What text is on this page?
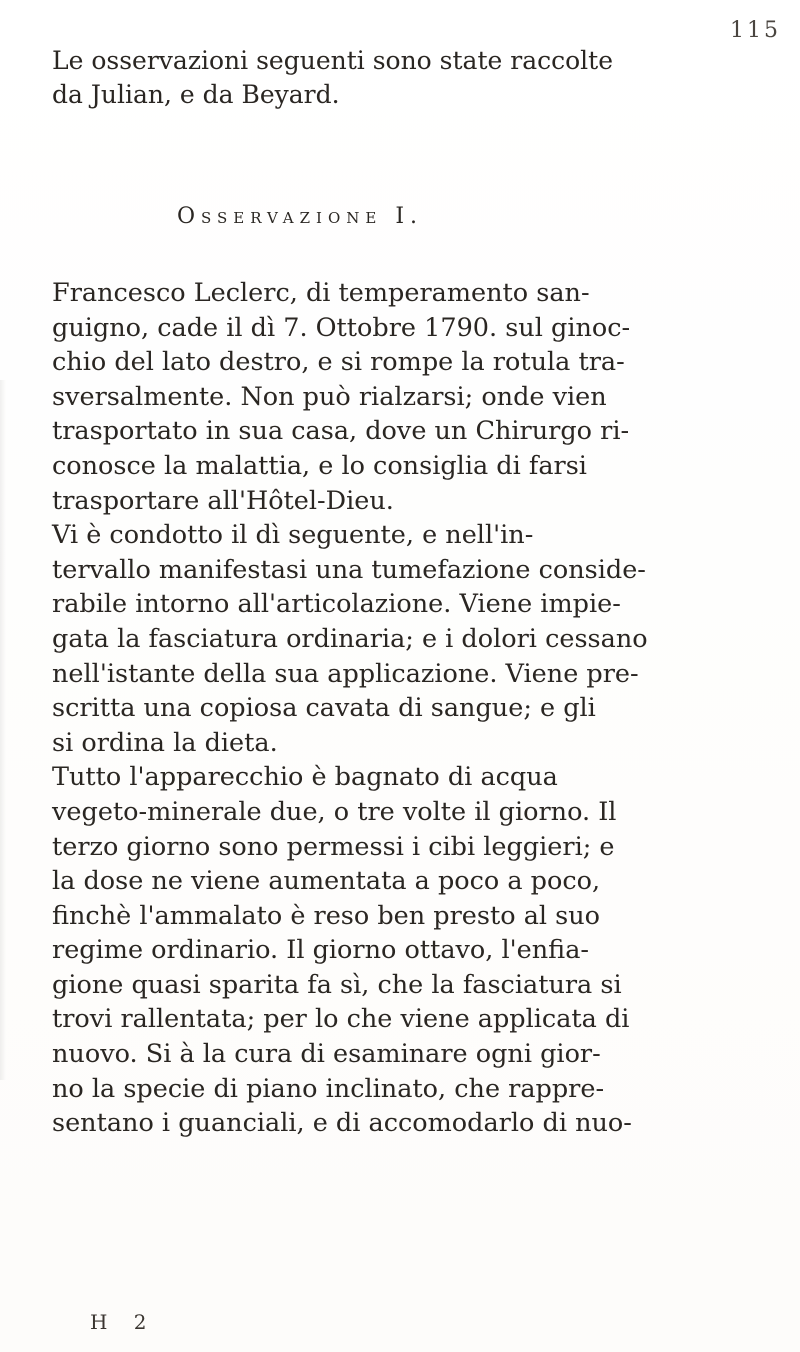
115

Le osservazioni seguenti sono state raccolte
da Julian, e da Beyard.

Osservazione I.

Francesco Leclerc, di temperamento san-
guigno, cade il dì 7. Ottobre 1790. sul ginoc-
chio del lato destro, e si rompe la rotula tra-
sversalmente. Non può rialzarsi; onde vien
trasportato in sua casa, dove un Chirurgo ri-
conosce la malattia, e lo consiglia di farsi
trasportare all'Hôtel-Dieu.

Vi è condotto il dì seguente, e nell'in-
tervallo manifestasi una tumefazione conside-
rabile intorno all'articolazione. Viene impie-
gata la fasciatura ordinaria; e i dolori cessano
nell'istante della sua applicazione. Viene pre-
scritta una copiosa cavata di sangue; e gli
si ordina la dieta.

Tutto l'apparecchio è bagnato di acqua
vegeto-minerale due, o tre volte il giorno. Il
terzo giorno sono permessi i cibi leggieri; e
la dose ne viene aumentata a poco a poco,
finchè l'ammalato è reso ben presto al suo
regime ordinario. Il giorno ottavo, l'enfia-
gione quasi sparita fa sì, che la fasciatura si
trovi rallentata; per lo che viene applicata di
nuovo. Si à la cura di esaminare ogni gior-
no la specie di piano inclinato, che rappre-
sentano i guanciali, e di accomodarlo di nuo-

H 2
